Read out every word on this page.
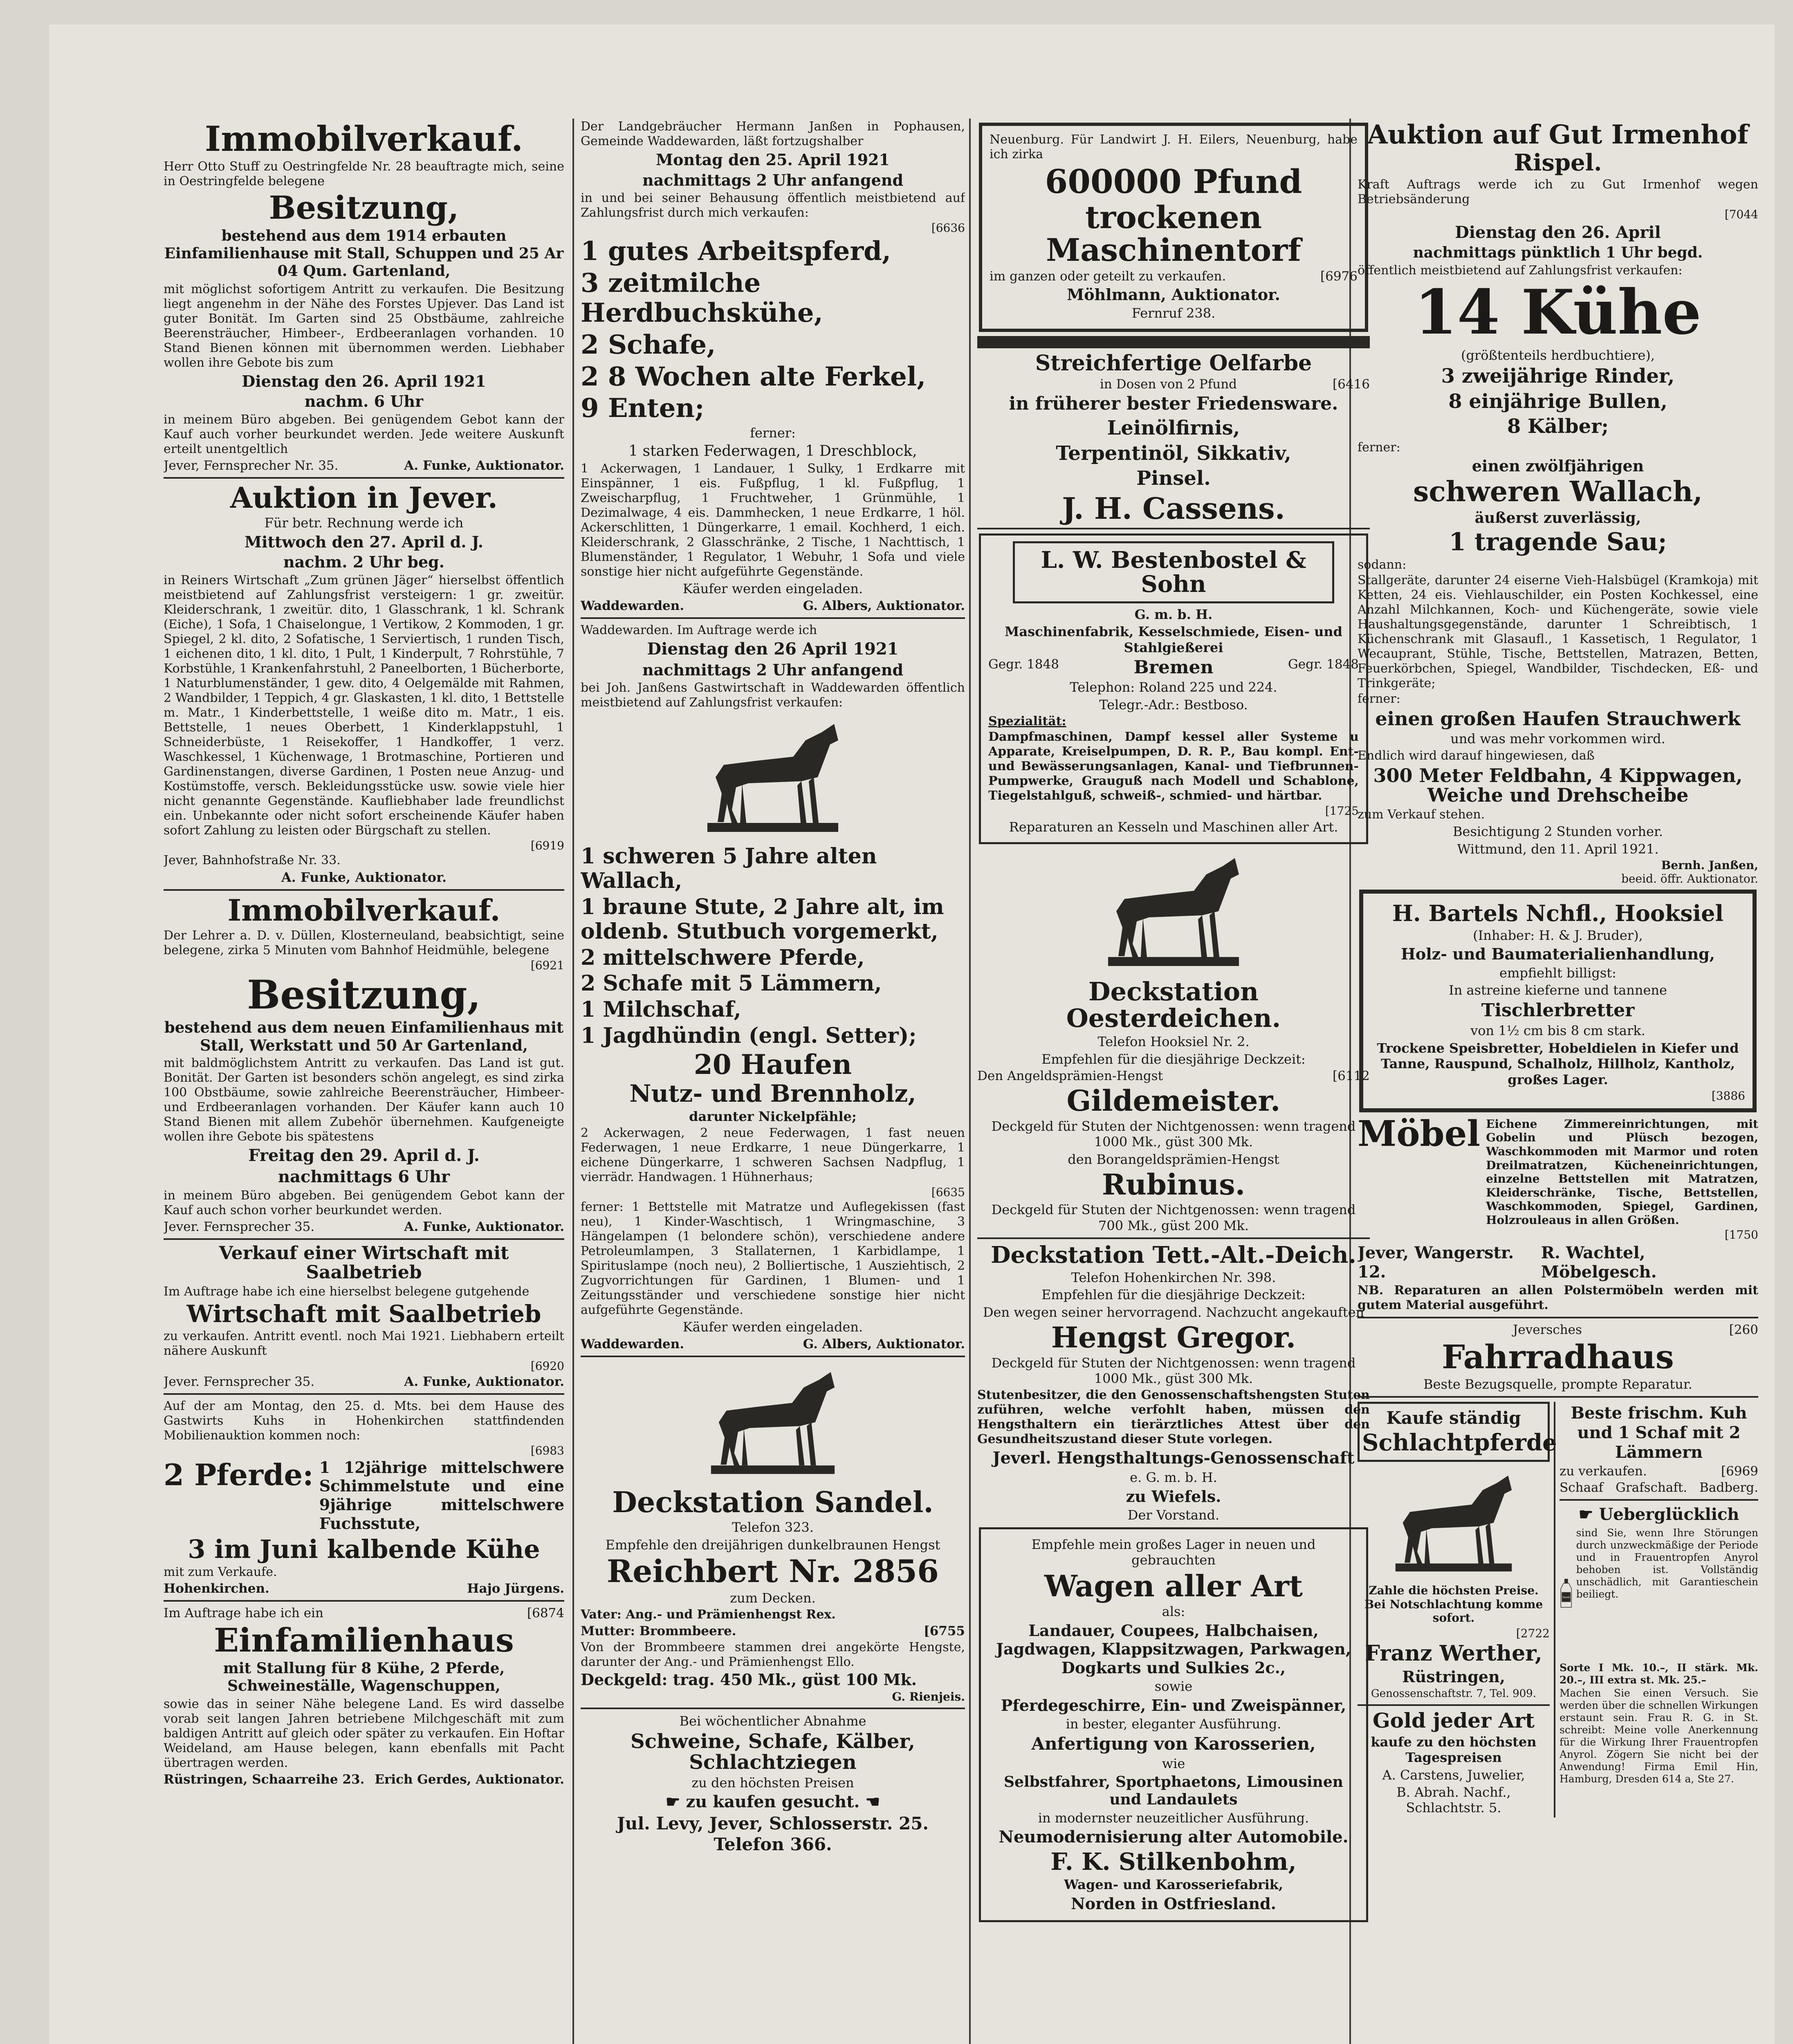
Immobilverkauf.
Herr Otto Stuff zu Oestringfelde Nr. 28 beauftragte mich, seine in Oestringfelde belegene
Besitzung,
bestehend aus dem 1914 erbauten Einfamilienhause mit Stall, Schuppen und 25 Ar 04 Qum. Gartenland,
mit möglichst sofortigem Antritt zu verkaufen. Die Besitzung liegt angenehm in der Nähe des Forstes Upjever. Das Land ist guter Bonität. Im Garten sind 25 Obstbäume, zahlreiche Beerensträucher, Himbeer-, Erdbeeranlagen vorhanden. 10 Stand Bienen können mit übernommen werden. Liebhaber wollen ihre Gebote bis zum
Dienstag den 26. April 1921
nachm. 6 Uhr
in meinem Büro abgeben. Bei genügendem Gebot kann der Kauf auch vorher beurkundet werden. Jede weitere Auskunft erteilt unentgeltlich
Jever, Fernsprecher Nr. 35.	A. Funke, Auktionator.
Auktion in Jever.
Für betr. Rechnung werde ich
Mittwoch den 27. April d. J.
nachm. 2 Uhr beg.
in Reiners Wirtschaft „Zum grünen Jäger“ hierselbst öffentlich meistbietend auf Zahlungsfrist versteigern: 1 gr. zweitür. Kleiderschrank, 1 zweitür. dito, 1 Glasschrank, 1 kl. Schrank (Eiche), 1 Sofa, 1 Chaiselongue, 1 Vertikow, 2 Kommoden, 1 gr. Spiegel, 2 kl. dito, 2 Sofatische, 1 Serviertisch, 1 runden Tisch, 1 eichenen dito, 1 kl. dito, 1 Pult, 1 Kinderpult, 7 Rohrstühle, 7 Korbstühle, 1 Krankenfahrstuhl, 2 Paneelborten, 1 Bücherborte, 1 Naturblumenständer, 1 gew. dito, 4 Oelgemälde mit Rahmen, 2 Wandbilder, 1 Teppich, 4 gr. Glaskasten, 1 kl. dito, 1 Bettstelle m. Matr., 1 Kinderbettstelle, 1 weiße dito m. Matr., 1 eis. Bettstelle, 1 neues Oberbett, 1 Kinderklappstuhl, 1 Schneiderbüste, 1 Reisekoffer, 1 Handkoffer, 1 verz. Waschkessel, 1 Küchenwage, 1 Brotmaschine, Portieren und Gardinenstangen, diverse Gardinen, 1 Posten neue Anzug- und Kostümstoffe, versch. Bekleidungsstücke usw. sowie viele hier nicht genannte Gegenstände. Kaufliebhaber lade freundlichst ein. Unbekannte oder nicht sofort erscheinende Käufer haben sofort Zahlung zu leisten oder Bürgschaft zu stellen.
[6919
Jever, Bahnhofstraße Nr. 33.
A. Funke, Auktionator.
Immobilverkauf.
Der Lehrer a. D. v. Düllen, Klosterneuland, beabsichtigt, seine belegene, zirka 5 Minuten vom Bahnhof Heidmühle, belegene
[6921
Besitzung,
bestehend aus dem neuen Einfamilienhaus mit Stall, Werkstatt und 50 Ar Gartenland,
mit baldmöglichstem Antritt zu verkaufen. Das Land ist gut. Bonität. Der Garten ist besonders schön angelegt, es sind zirka 100 Obstbäume, sowie zahlreiche Beerensträucher, Himbeer- und Erdbeeranlagen vorhanden. Der Käufer kann auch 10 Stand Bienen mit allem Zubehör übernehmen. Kaufgeneigte wollen ihre Gebote bis spätestens
Freitag den 29. April d. J.
nachmittags 6 Uhr
in meinem Büro abgeben. Bei genügendem Gebot kann der Kauf auch schon vorher beurkundet werden.
Jever. Fernsprecher 35.	A. Funke, Auktionator.
Verkauf einer Wirtschaft mit Saalbetrieb
Im Auftrage habe ich eine hierselbst belegene gutgehende
Wirtschaft mit Saalbetrieb
zu verkaufen. Antritt eventl. noch Mai 1921. Liebhabern erteilt nähere Auskunft
[6920
Jever. Fernsprecher 35.	A. Funke, Auktionator.
Auf der am Montag, den 25. d. Mts. bei dem Hause des Gastwirts Kuhs in Hohenkirchen stattfindenden Mobilienauktion kommen noch:
[6983
2 Pferde: 1 12jährige mittelschwere Schimmelstute und eine 9jährige mittelschwere Fuchsstute,
3 im Juni kalbende Kühe
mit zum Verkaufe.
Hohenkirchen.	Hajo Jürgens.
Im Auftrage habe ich ein	[6874
Einfamilienhaus
mit Stallung für 8 Kühe, 2 Pferde, Schweineställe, Wagenschuppen,
sowie das in seiner Nähe belegene Land. Es wird dasselbe vorab seit langen Jahren betriebene Milchgeschäft mit zum baldigen Antritt auf gleich oder später zu verkaufen. Ein Hoftar Weideland, am Hause belegen, kann ebenfalls mit Pacht übertragen werden.
Rüstringen, Schaarreihe 23. Erich Gerdes, Auktionator.
Der Landgebräucher Hermann Janßen in Pophausen, Gemeinde Waddewarden, läßt fortzugshalber
Montag den 25. April 1921
nachmittags 2 Uhr anfangend
in und bei seiner Behausung öffentlich meistbietend auf Zahlungsfrist durch mich verkaufen:
[6636
1 gutes Arbeitspferd,
3 zeitmilche Herdbuchskühe,
2 Schafe,
2 8 Wochen alte Ferkel,
9 Enten;
ferner:
1 starken Federwagen, 1 Dreschblock,
1 Ackerwagen, 1 Landauer, 1 Sulky, 1 Erdkarre mit Einspänner, 1 eis. Fußpflug, 1 kl. Fußpflug, 1 Zweischarpflug, 1 Fruchtweher, 1 Grünmühle, 1 Dezimalwage, 4 eis. Dammhecken, 1 neue Erdkarre, 1 höl. Ackerschlitten, 1 Düngerkarre, 1 email. Kochherd, 1 eich. Kleiderschrank, 2 Glasschränke, 2 Tische, 1 Nachttisch, 1 Blumenständer, 1 Regulator, 1 Webuhr, 1 Sofa und viele sonstige hier nicht aufgeführte Gegenstände.
Käufer werden eingeladen.
Waddewarden.	G. Albers, Auktionator.
Waddewarden. Im Auftrage werde ich
Dienstag den 26 April 1921
nachmittags 2 Uhr anfangend
bei Joh. Janßens Gastwirtschaft in Waddewarden öffentlich meistbietend auf Zahlungsfrist verkaufen:
1 schweren 5 Jahre alten Wallach,
1 braune Stute, 2 Jahre alt, im oldenb. Stutbuch vorgemerkt,
2 mittelschwere Pferde,
2 Schafe mit 5 Lämmern,
1 Milchschaf,
1 Jagdhündin (engl. Setter);
20 Haufen
Nutz- und Brennholz,
darunter Nickelpfähle;
2 Ackerwagen, 2 neue Federwagen, 1 fast neuen Federwagen, 1 neue Erdkarre, 1 neue Düngerkarre, 1 eichene Düngerkarre, 1 schweren Sachsen Nadpflug, 1 vierrädr. Handwagen. 1 Hühnerhaus;
[6635
ferner: 1 Bettstelle mit Matratze und Auflegekissen (fast neu), 1 Kinder-Waschtisch, 1 Wringmaschine, 3 Hängelampen (1 belondere schön), verschiedene andere Petroleumlampen, 3 Stallaternen, 1 Karbidlampe, 1 Spirituslampe (noch neu), 2 Bolliertische, 1 Ausziehtisch, 2 Zugvorrichtungen für Gardinen, 1 Blumen- und 1 Zeitungsständer und verschiedene sonstige hier nicht aufgeführte Gegenstände.
Käufer werden eingeladen.
Waddewarden.	G. Albers, Auktionator.
Deckstation Sandel.
Telefon 323.
Empfehle den dreijährigen dunkelbraunen Hengst
Reichbert Nr. 2856
zum Decken.
Vater: Ang.- und Prämienhengst Rex.
Mutter: Brommbeere.	[6755
Von der Brommbeere stammen drei angekörte Hengste, darunter der Ang.- und Prämienhengst Ello.
Deckgeld: trag. 450 Mk., güst 100 Mk.
G. Rienjeis.
Bei wöchentlicher Abnahme
Schweine, Schafe, Kälber, Schlachtziegen
zu den höchsten Preisen
☛ zu kaufen gesucht. ☚
Jul. Levy, Jever, Schlosserstr. 25. Telefon 366.
Neuenburg. Für Landwirt J. H. Eilers, Neuenburg, habe ich zirka
600000 Pfund
trockenen Maschinentorf
im ganzen oder geteilt zu verkaufen.	[6976
Möhlmann, Auktionator.
Fernruf 238.
Streichfertige Oelfarbe
in Dosen von 2 Pfund	[6416
in früherer bester Friedensware.
Leinölfirnis,
Terpentinöl, Sikkativ,
Pinsel.
J. H. Cassens.
L. W. Bestenbostel & Sohn
G. m. b. H.
Maschinenfabrik, Kesselschmiede, Eisen- und Stahlgießerei
Gegr. 1848	Bremen	Gegr. 1848
Telephon: Roland 225 und 224.
Telegr.-Adr.: Bestboso.
Spezialität:
Dampfmaschinen, Dampf kessel aller Systeme u Apparate, Kreiselpumpen, D. R. P., Bau kompl. Ent- und Bewässerungsanlagen, Kanal- und Tiefbrunnen-Pumpwerke, Grauguß nach Modell und Schablone, Tiegelstahlguß, schweiß-, schmied- und härtbar.
[1725
Reparaturen an Kesseln und Maschinen aller Art.
Deckstation Oesterdeichen.
Telefon Hooksiel Nr. 2.
Empfehlen für die diesjährige Deckzeit:
Den Angeldsprämien-Hengst	[6112
Gildemeister.
Deckgeld für Stuten der Nichtgenossen: wenn tragend 1000 Mk., güst 300 Mk.
den Borangeldsprämien-Hengst
Rubinus.
Deckgeld für Stuten der Nichtgenossen: wenn tragend 700 Mk., güst 200 Mk.
Deckstation Tett.-Alt.-Deich.
Telefon Hohenkirchen Nr. 398.
Empfehlen für die diesjährige Deckzeit:
Den wegen seiner hervorragend. Nachzucht angekauften
Hengst Gregor.
Deckgeld für Stuten der Nichtgenossen: wenn tragend 1000 Mk., güst 300 Mk.
Stutenbesitzer, die den Genossenschaftshengsten Stuten zuführen, welche verfohlt haben, müssen den Hengsthaltern ein tierärztliches Attest über den Gesundheitszustand dieser Stute vorlegen.
Jeverl. Hengsthaltungs-Genossenschaft
e. G. m. b. H.
zu Wiefels.
Der Vorstand.
Empfehle mein großes Lager in neuen und gebrauchten
Wagen aller Art
als:
Landauer, Coupees, Halbchaisen, Jagdwagen, Klappsitzwagen, Parkwagen, Dogkarts und Sulkies 2c.,
sowie
Pferdegeschirre, Ein- und Zweispänner,
in bester, eleganter Ausführung.
Anfertigung von Karosserien,
wie
Selbstfahrer, Sportphaetons, Limousinen und Landaulets
in modernster neuzeitlicher Ausführung.
Neumodernisierung alter Automobile.
F. K. Stilkenbohm,
Wagen- und Karosseriefabrik,
Norden in Ostfriesland.
Auktion auf Gut Irmenhof
Rispel.
Kraft Auftrags werde ich zu Gut Irmenhof wegen Betriebsänderung
[7044
Dienstag den 26. April
nachmittags pünktlich 1 Uhr begd.
öffentlich meistbietend auf Zahlungsfrist verkaufen:
14 Kühe
(größtenteils herdbuchtiere),
3 zweijährige Rinder,
8 einjährige Bullen,
8 Kälber;
ferner:
einen zwölfjährigen
schweren Wallach,
äußerst zuverlässig,
1 tragende Sau;
sodann:
Stallgeräte, darunter 24 eiserne Vieh-Halsbügel (Kramkoja) mit Ketten, 24 eis. Viehlauschilder, ein Posten Kochkessel, eine Anzahl Milchkannen, Koch- und Küchengeräte, sowie viele Haushaltungsgegenstände, darunter 1 Schreibtisch, 1 Küchenschrank mit Glasaufl., 1 Kassetisch, 1 Regulator, 1 Wecauprant, Stühle, Tische, Bettstellen, Matrazen, Betten, Feuerkörbchen, Spiegel, Wandbilder, Tischdecken, Eß- und Trinkgeräte;
ferner:
einen großen Haufen Strauchwerk
und was mehr vorkommen wird.
Endlich wird darauf hingewiesen, daß
300 Meter Feldbahn, 4 Kippwagen, Weiche und Drehscheibe
zum Verkauf stehen.
Besichtigung 2 Stunden vorher.
Wittmund, den 11. April 1921.
Bernh. Janßen,
beeid. öffr. Auktionator.
H. Bartels Nchfl., Hooksiel
(Inhaber: H. & J. Bruder),
Holz- und Baumaterialienhandlung,
empfiehlt billigst:
In astreine kieferne und tannene
Tischlerbretter
von 1½ cm bis 8 cm stark.
Trockene Speisbretter, Hobeldielen in Kiefer und Tanne, Rauspund, Schalholz, Hillholz, Kantholz, großes Lager.
[3886
Möbel Eichene Zimmereinrichtungen, mit Gobelin und Plüsch bezogen, Waschkommoden mit Marmor und roten Dreilmatratzen, Kücheneinrichtungen, einzelne Bettstellen mit Matratzen, Kleiderschränke, Tische, Bettstellen, Waschkommoden, Spiegel, Gardinen, Holzrouleaus in allen Größen.
[1750
Jever, Wangerstr. 12.
R. Wachtel, Möbelgesch.
NB. Reparaturen an allen Polstermöbeln werden mit gutem Material ausgeführt.
Jeversches	[260
Fahrradhaus
Beste Bezugsquelle, prompte Reparatur.
Kaufe ständig
Schlachtpferde
Zahle die höchsten Preise. Bei Notschlachtung komme sofort.
[2722
Franz Werther,
Rüstringen,
Genossenschaftstr. 7, Tel. 909.
Gold jeder Art
kaufe zu den höchsten Tagespreisen
A. Carstens, Juwelier,
B. Abrah. Nachf., Schlachtstr. 5.
Beste frischm. Kuh und 1 Schaf mit 2 Lämmern
zu verkaufen.	[6969
Schaaf Grafschaft. Badberg.
☛ Ueberglücklich
Nyrol
sind Sie, wenn Ihre Störungen durch unzweckmäßige der Periode und in Frauentropfen Anyrol behoben ist. Vollständig unschädlich, mit Garantieschein beiliegt.
Sorte I Mk. 10.–, II stärk. Mk. 20.–, III extra st. Mk. 25.–
Machen Sie einen Versuch. Sie werden über die schnellen Wirkungen erstaunt sein. Frau R. G. in St. schreibt: Meine volle Anerkennung für die Wirkung Ihrer Frauentropfen Anyrol. Zögern Sie nicht bei der Anwendung! Firma Emil Hin, Hamburg, Dresden 614 a, Ste 27.
